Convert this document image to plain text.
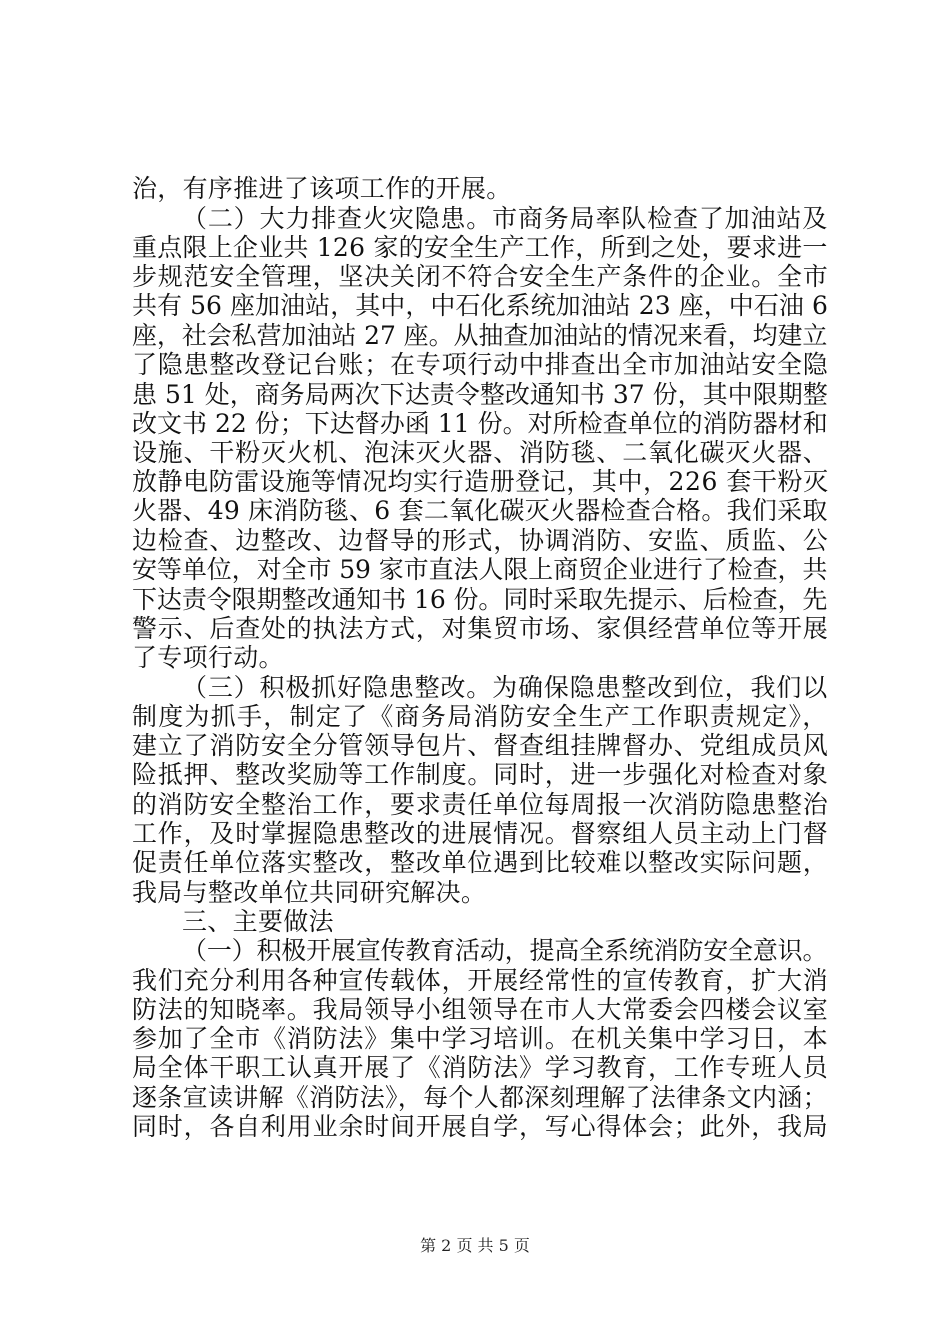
治，有序推进了该项工作的开展。
（二）大力排查火灾隐患。市商务局率队检查了加油站及
重点限上企业共 126 家的安全生产工作，所到之处，要求进一
步规范安全管理，坚决关闭不符合安全生产条件的企业。全市
共有 56 座加油站，其中，中石化系统加油站 23 座，中石油 6
座，社会私营加油站 27 座。从抽查加油站的情况来看，均建立
了隐患整改登记台账；在专项行动中排查出全市加油站安全隐
患 51 处，商务局两次下达责令整改通知书 37 份，其中限期整
改文书 22 份；下达督办函 11 份。对所检查单位的消防器材和
设施、干粉灭火机、泡沫灭火器、消防毯、二氧化碳灭火器、
放静电防雷设施等情况均实行造册登记，其中，226 套干粉灭
火器、49 床消防毯、6 套二氧化碳灭火器检查合格。我们采取
边检查、边整改、边督导的形式，协调消防、安监、质监、公
安等单位，对全市 59 家市直法人限上商贸企业进行了检查，共
下达责令限期整改通知书 16 份。同时采取先提示、后检查，先
警示、后查处的执法方式，对集贸市场、家俱经营单位等开展
了专项行动。
（三）积极抓好隐患整改。为确保隐患整改到位，我们以
制度为抓手，制定了《商务局消防安全生产工作职责规定》，
建立了消防安全分管领导包片、督查组挂牌督办、党组成员风
险抵押、整改奖励等工作制度。同时，进一步强化对检查对象
的消防安全整治工作，要求责任单位每周报一次消防隐患整治
工作，及时掌握隐患整改的进展情况。督察组人员主动上门督
促责任单位落实整改，整改单位遇到比较难以整改实际问题，
我局与整改单位共同研究解决。
三、主要做法
（一）积极开展宣传教育活动，提高全系统消防安全意识。
我们充分利用各种宣传载体，开展经常性的宣传教育，扩大消
防法的知晓率。我局领导小组领导在市人大常委会四楼会议室
参加了全市《消防法》集中学习培训。在机关集中学习日，本
局全体干职工认真开展了《消防法》学习教育，工作专班人员
逐条宣读讲解《消防法》，每个人都深刻理解了法律条文内涵；
同时，各自利用业余时间开展自学，写心得体会；此外，我局
第 2 页 共 5 页
